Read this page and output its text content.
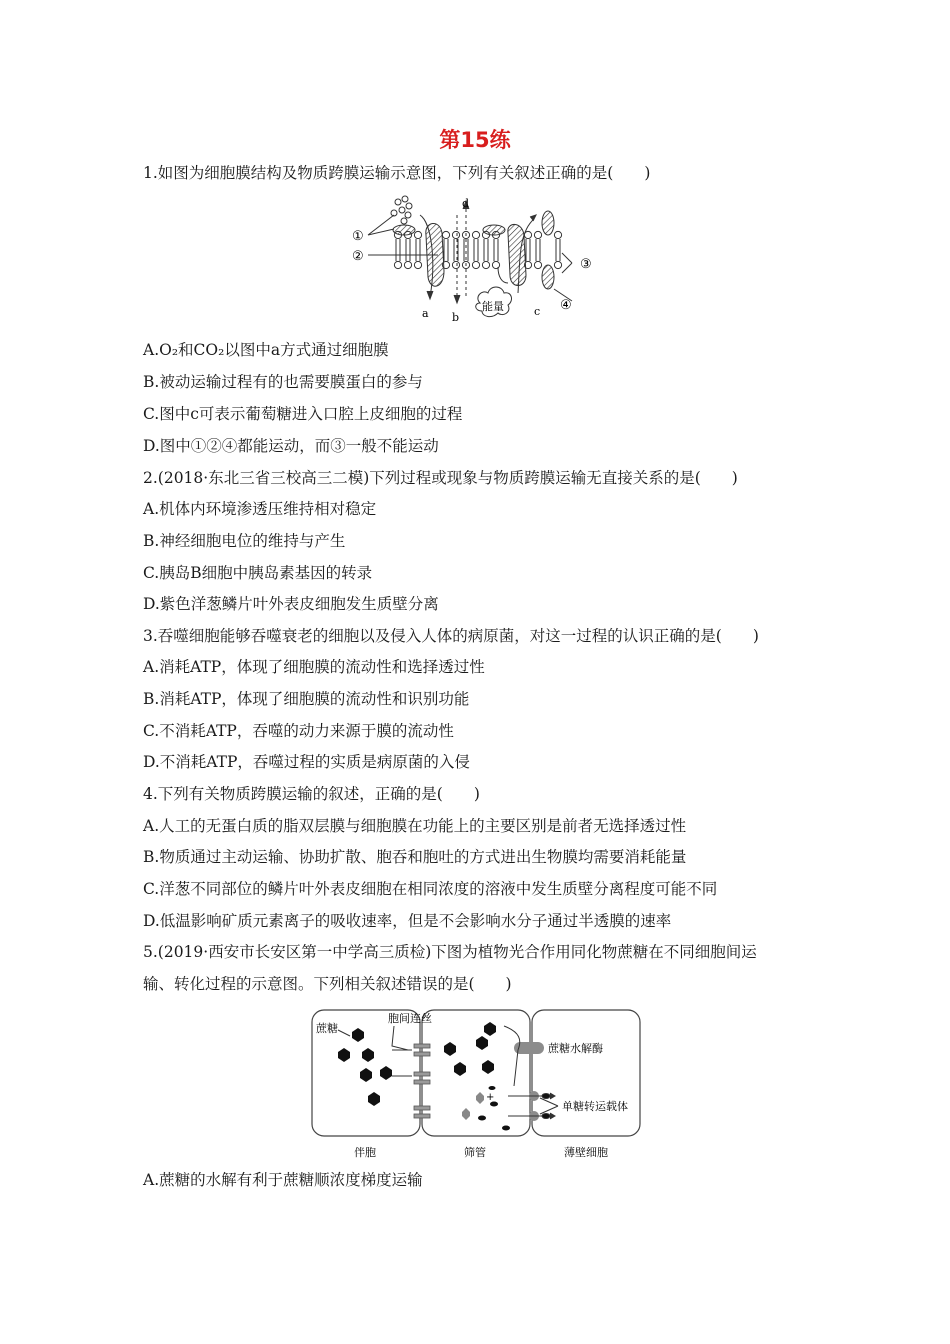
第15练
1.如图为细胞膜结构及物质跨膜运输示意图，下列有关叙述正确的是(　　)
能量
①
②
③
④
a b	c
d
A.O₂和CO₂以图中a方式通过细胞膜
B.被动运输过程有的也需要膜蛋白的参与
C.图中c可表示葡萄糖进入口腔上皮细胞的过程
D.图中①②④都能运动，而③一般不能运动
2.(2018·东北三省三校高三二模)下列过程或现象与物质跨膜运输无直接关系的是(　　)
A.机体内环境渗透压维持相对稳定
B.神经细胞电位的维持与产生
C.胰岛B细胞中胰岛素基因的转录
D.紫色洋葱鳞片叶外表皮细胞发生质壁分离
3.吞噬细胞能够吞噬衰老的细胞以及侵入人体的病原菌，对这一过程的认识正确的是(　　)
A.消耗ATP，体现了细胞膜的流动性和选择透过性
B.消耗ATP，体现了细胞膜的流动性和识别功能
C.不消耗ATP，吞噬的动力来源于膜的流动性
D.不消耗ATP，吞噬过程的实质是病原菌的入侵
4.下列有关物质跨膜运输的叙述，正确的是(　　)
A.人工的无蛋白质的脂双层膜与细胞膜在功能上的主要区别是前者无选择透过性
B.物质通过主动运输、协助扩散、胞吞和胞吐的方式进出生物膜均需要消耗能量
C.洋葱不同部位的鳞片叶外表皮细胞在相同浓度的溶液中发生质壁分离程度可能不同
D.低温影响矿质元素离子的吸收速率，但是不会影响水分子通过半透膜的速率
5.(2019·西安市长安区第一中学高三质检)下图为植物光合作用同化物蔗糖在不同细胞间运
输、转化过程的示意图。下列相关叙述错误的是(　　)
+
蔗糖
胞间连丝
蔗糖水解酶
单糖转运载体
伴胞	筛管	薄壁细胞
A.蔗糖的水解有利于蔗糖顺浓度梯度运输
